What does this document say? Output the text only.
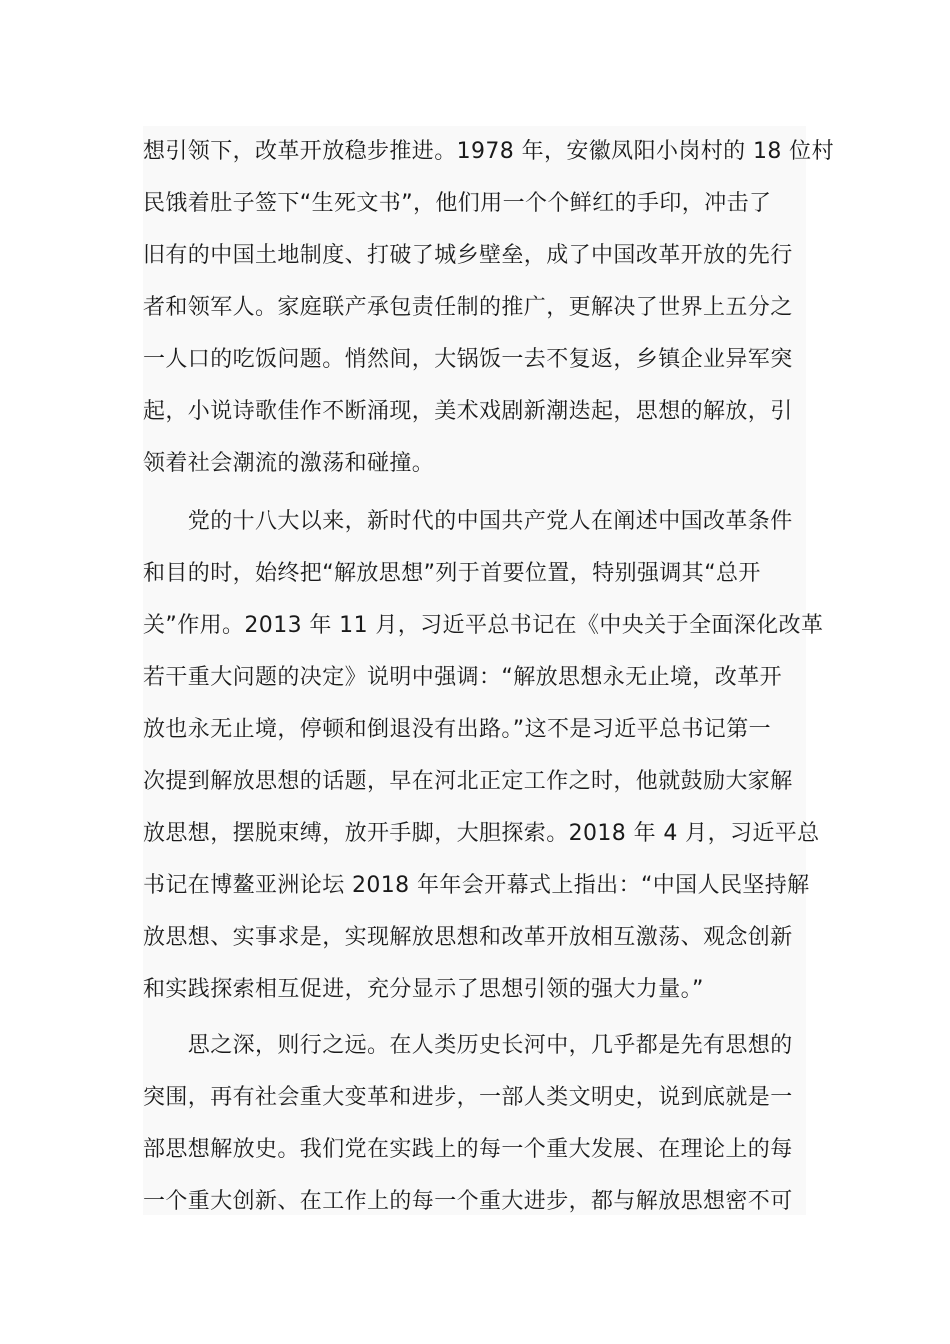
想引领下，改革开放稳步推进。1978 年，安徽凤阳小岗村的 18 位村
民饿着肚子签下“生死文书”，他们用一个个鲜红的手印，冲击了
旧有的中国土地制度、打破了城乡壁垒，成了中国改革开放的先行
者和领军人。家庭联产承包责任制的推广，更解决了世界上五分之
一人口的吃饭问题。悄然间，大锅饭一去不复返，乡镇企业异军突
起，小说诗歌佳作不断涌现，美术戏剧新潮迭起，思想的解放，引
领着社会潮流的激荡和碰撞。
　　党的十八大以来，新时代的中国共产党人在阐述中国改革条件
和目的时，始终把“解放思想”列于首要位置，特别强调其“总开
关”作用。2013 年 11 月，习近平总书记在《中央关于全面深化改革
若干重大问题的决定》说明中强调：“解放思想永无止境，改革开
放也永无止境，停顿和倒退没有出路。”这不是习近平总书记第一
次提到解放思想的话题，早在河北正定工作之时，他就鼓励大家解
放思想，摆脱束缚，放开手脚，大胆探索。2018 年 4 月，习近平总
书记在博鳌亚洲论坛 2018 年年会开幕式上指出：“中国人民坚持解
放思想、实事求是，实现解放思想和改革开放相互激荡、观念创新
和实践探索相互促进，充分显示了思想引领的强大力量。”
　　思之深，则行之远。在人类历史长河中，几乎都是先有思想的
突围，再有社会重大变革和进步，一部人类文明史，说到底就是一
部思想解放史。我们党在实践上的每一个重大发展、在理论上的每
一个重大创新、在工作上的每一个重大进步，都与解放思想密不可
